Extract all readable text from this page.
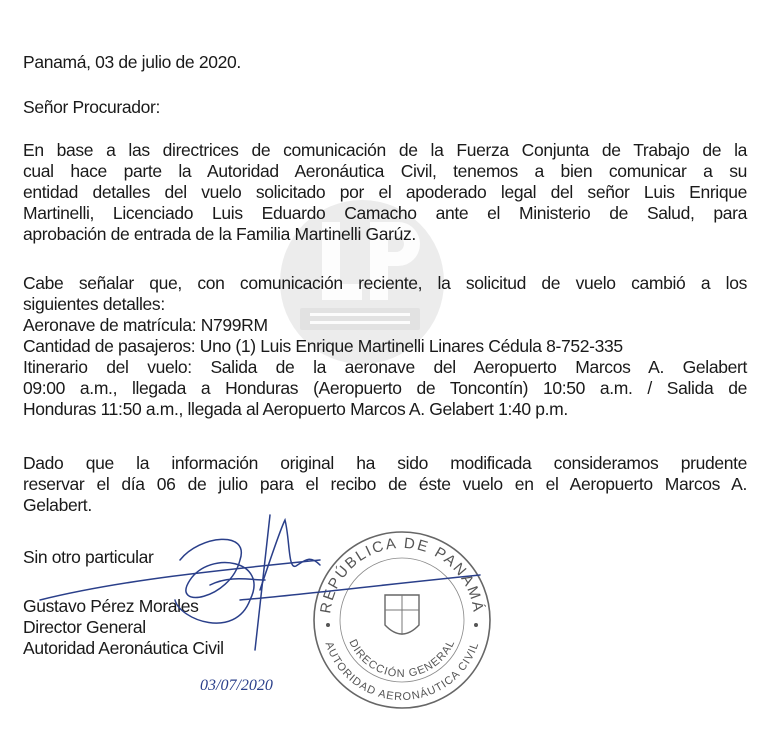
Panamá, 03 de julio de 2020.
Señor Procurador:
En base a las directrices de comunicación de la Fuerza Conjunta de Trabajo de la
cual hace parte la Autoridad Aeronáutica Civil, tenemos a bien comunicar a su
entidad detalles del vuelo solicitado por el apoderado legal del señor Luis Enrique
Martinelli, Licenciado Luis Eduardo Camacho ante el Ministerio de Salud, para
aprobación de entrada de la Familia Martinelli Garúz.
Cabe señalar que, con comunicación reciente, la solicitud de vuelo cambió a los
siguientes detalles:
Aeronave de matrícula: N799RM
Cantidad de pasajeros: Uno (1) Luis Enrique Martinelli Linares Cédula 8-752-335
Itinerario del vuelo: Salida de la aeronave del Aeropuerto Marcos A. Gelabert
09:00 a.m., llegada a Honduras (Aeropuerto de Toncontín) 10:50 a.m. / Salida de
Honduras 11:50 a.m., llegada al Aeropuerto Marcos A. Gelabert 1:40 p.m.
Dado que la información original ha sido modificada consideramos prudente
reservar el día 06 de julio para el recibo de éste vuelo en el Aeropuerto Marcos A.
Gelabert.
Sin otro particular
Gustavo Pérez Morales
Director General
Autoridad Aeronáutica Civil
REPÚBLICA DE PANAMÁ
DIRECCIÓN GENERAL
AUTORIDAD AERONÁUTICA CIVIL
03/07/2020
